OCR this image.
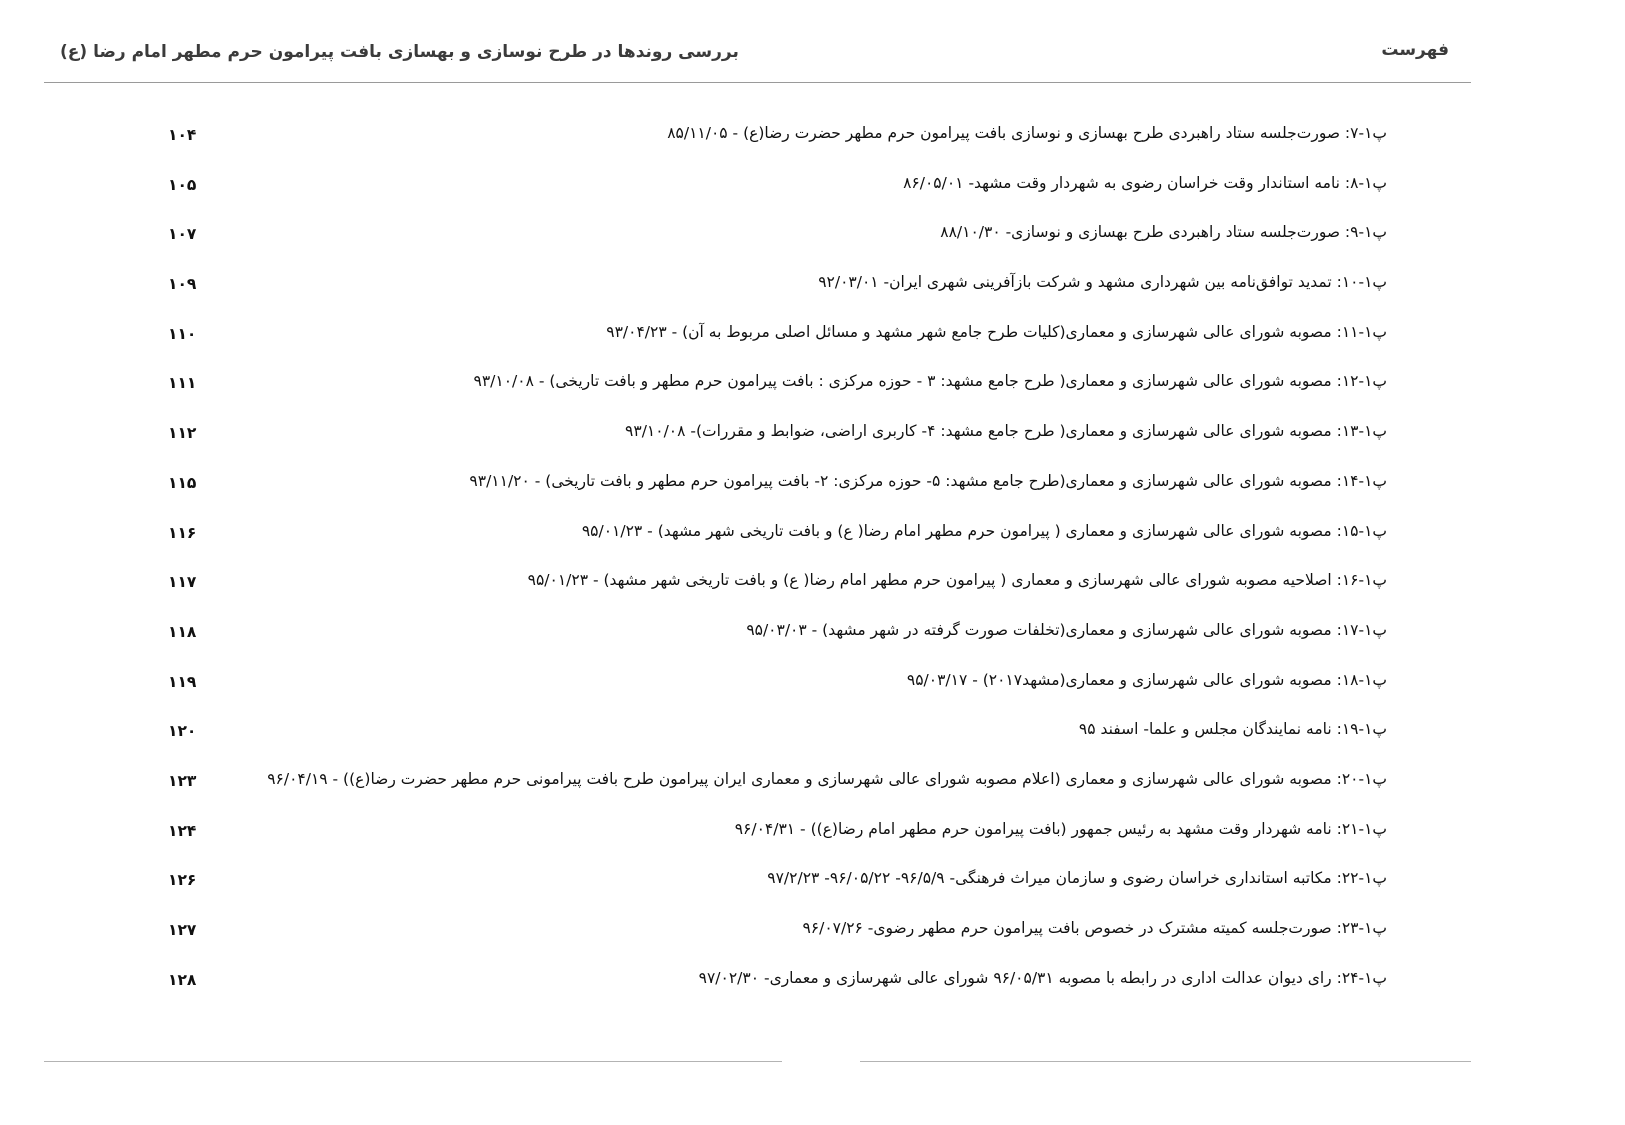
فهرست
بررسی روندها در طرح نوسازی و بهسازی بافت پیرامون حرم مطهر امام رضا (ع)
پ۱-۷: صورت‌جلسه ستاد راهبردی طرح بهسازی و نوسازی بافت پیرامون حرم مطهر حضرت رضا(ع) - ۸۵/۱۱/۰۵
۱۰۴
پ۱-۸: نامه استاندار وقت خراسان رضوی به شهردار وقت مشهد- ۸۶/۰۵/۰۱
۱۰۵
پ۱-۹: صورت‌جلسه ستاد راهبردی طرح بهسازی و نوسازی- ۸۸/۱۰/۳۰
۱۰۷
پ۱-۱۰: تمدید توافق‌نامه بین شهرداری مشهد و شرکت بازآفرینی شهری ایران- ۹۲/۰۳/۰۱
۱۰۹
پ۱-۱۱: مصوبه شورای عالی شهرسازی و معماری(کلیات طرح جامع شهر مشهد و مسائل اصلی مربوط به آن) - ۹۳/۰۴/۲۳
۱۱۰
پ۱-۱۲: مصوبه شورای عالی شهرسازی و معماری( طرح جامع مشهد: ۳ - حوزه مرکزی : بافت پیرامون حرم مطهر و بافت تاریخی) - ۹۳/۱۰/۰۸
۱۱۱
پ۱-۱۳: مصوبه شورای عالی شهرسازی و معماری( طرح جامع مشهد: ۴- کاربری اراضی، ضوابط و مقررات)- ۹۳/۱۰/۰۸
۱۱۲
پ۱-۱۴: مصوبه شورای عالی شهرسازی و معماری(طرح جامع مشهد: ۵- حوزه مرکزی: ۲- بافت پیرامون حرم مطهر و بافت تاریخی) - ۹۳/۱۱/۲۰
۱۱۵
پ۱-۱۵: مصوبه شورای عالی شهرسازی و معماری ( پیرامون حرم مطهر امام رضا( ع) و بافت تاریخی شهر مشهد) - ۹۵/۰۱/۲۳
۱۱۶
پ۱-۱۶: اصلاحیه مصوبه شورای عالی شهرسازی و معماری ( پیرامون حرم مطهر امام رضا( ع) و بافت تاریخی شهر مشهد) - ۹۵/۰۱/۲۳
۱۱۷
پ۱-۱۷: مصوبه شورای عالی شهرسازی و معماری(تخلفات صورت گرفته در شهر مشهد) - ۹۵/۰۳/۰۳
۱۱۸
پ۱-۱۸: مصوبه شورای عالی شهرسازی و معماری(مشهد۲۰۱۷) - ۹۵/۰۳/۱۷
۱۱۹
پ۱-۱۹: نامه نمایندگان مجلس و علما- اسفند ۹۵
۱۲۰
پ۱-۲۰: مصوبه شورای عالی شهرسازی و معماری (اعلام مصوبه شورای عالی شهرسازی و معماری ایران پیرامون طرح بافت پیرامونی حرم مطهر حضرت رضا(ع)) - ۹۶/۰۴/۱۹
۱۲۳
پ۱-۲۱: نامه شهردار وقت مشهد به رئیس جمهور (بافت پیرامون حرم مطهر امام رضا(ع)) - ۹۶/۰۴/۳۱
۱۲۴
پ۱-۲۲: مکاتبه استانداری خراسان رضوی و سازمان میراث فرهنگی- ۹۶/۵/۹- ۹۶/۰۵/۲۲- ۹۷/۲/۲۳
۱۲۶
پ۱-۲۳: صورت‌جلسه کمیته مشترک در خصوص بافت پیرامون حرم مطهر رضوی- ۹۶/۰۷/۲۶
۱۲۷
پ۱-۲۴: رای دیوان عدالت اداری در رابطه با مصوبه ۹۶/۰۵/۳۱ شورای عالی شهرسازی و معماری- ۹۷/۰۲/۳۰
۱۲۸
